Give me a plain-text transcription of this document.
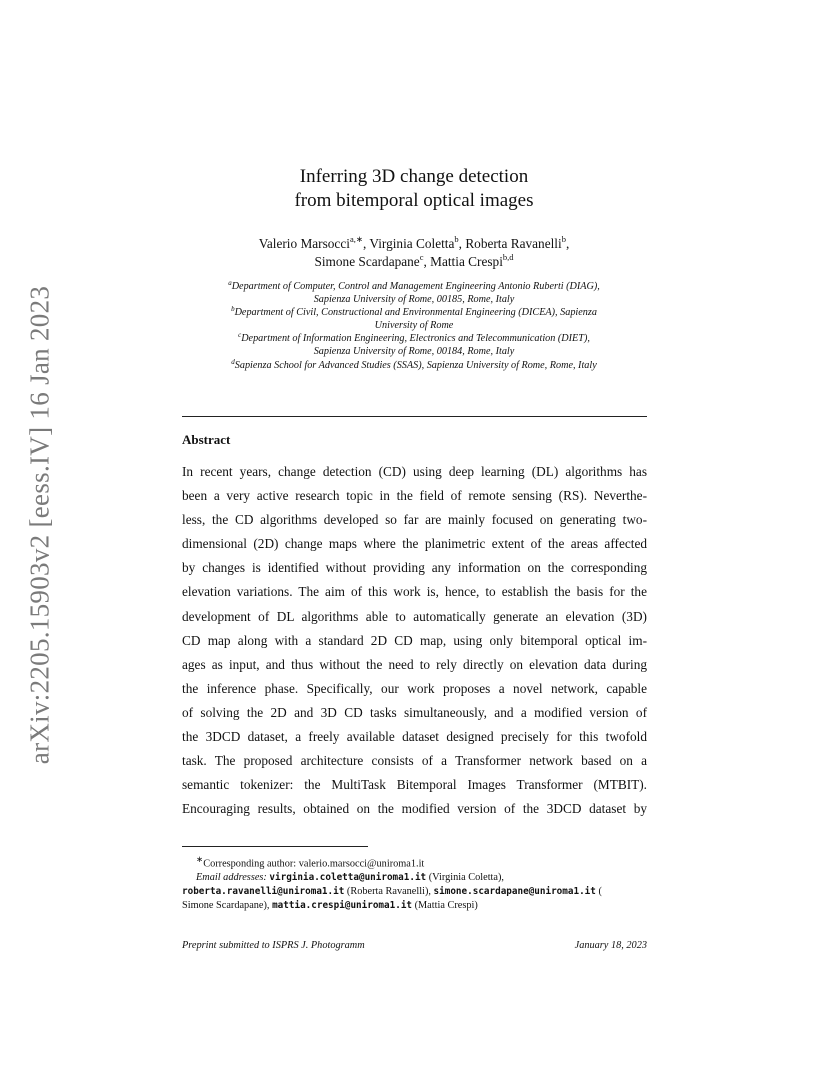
arXiv:2205.15903v2 [eess.IV] 16 Jan 2023
Inferring 3D change detection
from bitemporal optical images
Valerio Marsocci$^{a,∗}$, Virginia Coletta$^b$, Roberta Ravanelli$^b$,
Simone Scardapane$^c$, Mattia Crespi$^{b,d}$
$^a$Department of Computer, Control and Management Engineering Antonio Ruberti (DIAG),
Sapienza University of Rome, 00185, Rome, Italy
$^b$Department of Civil, Constructional and Environmental Engineering (DICEA), Sapienza
University of Rome
$^c$Department of Information Engineering, Electronics and Telecommunication (DIET),
Sapienza University of Rome, 00184, Rome, Italy
$^d$Sapienza School for Advanced Studies (SSAS), Sapienza University of Rome, Rome, Italy
Abstract
In recent years, change detection (CD) using deep learning (DL) algorithms has
been a very active research topic in the field of remote sensing (RS). Neverthe-
less, the CD algorithms developed so far are mainly focused on generating two-
dimensional (2D) change maps where the planimetric extent of the areas affected
by changes is identified without providing any information on the corresponding
elevation variations. The aim of this work is, hence, to establish the basis for the
development of DL algorithms able to automatically generate an elevation (3D)
CD map along with a standard 2D CD map, using only bitemporal optical im-
ages as input, and thus without the need to rely directly on elevation data during
the inference phase. Specifically, our work proposes a novel network, capable
of solving the 2D and 3D CD tasks simultaneously, and a modified version of
the 3DCD dataset, a freely available dataset designed precisely for this twofold
task. The proposed architecture consists of a Transformer network based on a
semantic tokenizer: the MultiTask Bitemporal Images Transformer (MTBIT).
Encouraging results, obtained on the modified version of the 3DCD dataset by
∗Corresponding author: valerio.marsocci@uniroma1.it
Email addresses: virginia.coletta@uniroma1.it (Virginia Coletta),
roberta.ravanelli@uniroma1.it (Roberta Ravanelli), simone.scardapane@uniroma1.it (
Simone Scardapane), mattia.crespi@uniroma1.it (Mattia Crespi)
Preprint submitted to ISPRS J. Photogramm	January 18, 2023
